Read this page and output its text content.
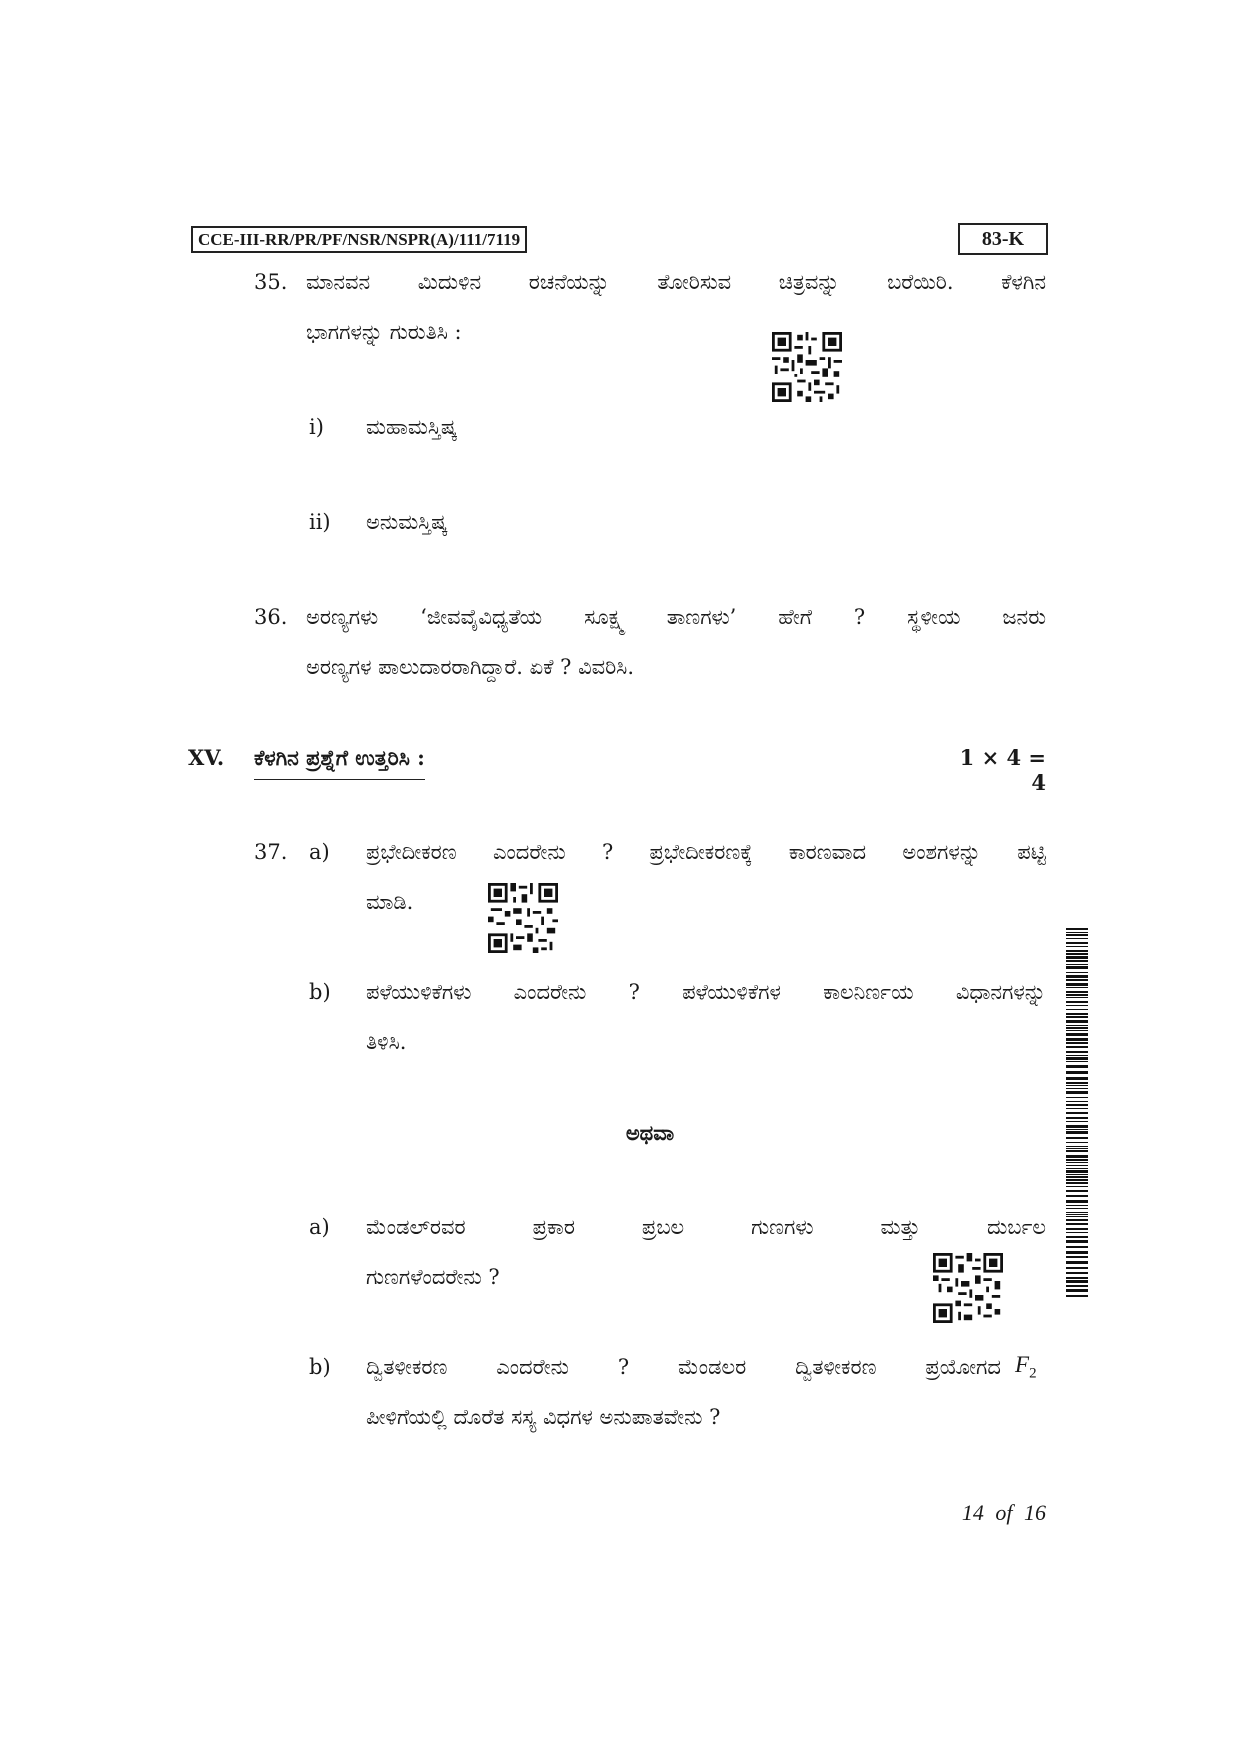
CCE-III-RR/PR/PF/NSR/NSPR(A)/111/7119	83-K
35. ಮಾನವನ ಮಿದುಳಿನ ರಚನೆಯನ್ನು ತೋರಿಸುವ ಚಿತ್ರವನ್ನು ಬರೆಯಿರಿ. ಕೆಳಗಿನ
ಭಾಗಗಳನ್ನು ಗುರುತಿಸಿ :
i) ಮಹಾಮಸ್ತಿಷ್ಕ
ii) ಅನುಮಸ್ತಿಷ್ಕ
36. ಅರಣ್ಯಗಳು ‘ಜೀವವೈವಿಧ್ಯತೆಯ ಸೂಕ್ಷ್ಮ ತಾಣಗಳು’ ಹೇಗೆ ? ಸ್ಥಳೀಯ ಜನರು
ಅರಣ್ಯಗಳ ಪಾಲುದಾರರಾಗಿದ್ದಾರೆ. ಏಕೆ ? ವಿವರಿಸಿ.
XV. ಕೆಳಗಿನ ಪ್ರಶ್ನೆಗೆ ಉತ್ತರಿಸಿ :	1 × 4 = 4
37. a) ಪ್ರಭೇದೀಕರಣ ಎಂದರೇನು ? ಪ್ರಭೇದೀಕರಣಕ್ಕೆ ಕಾರಣವಾದ ಅಂಶಗಳನ್ನು ಪಟ್ಟಿ
ಮಾಡಿ.
b) ಪಳೆಯುಳಿಕೆಗಳು ಎಂದರೇನು ? ಪಳೆಯುಳಿಕೆಗಳ ಕಾಲನಿರ್ಣಯ ವಿಧಾನಗಳನ್ನು
ತಿಳಿಸಿ.
ಅಥವಾ
a) ಮೆಂಡಲ್‌ರವರ ಪ್ರಕಾರ ಪ್ರಬಲ ಗುಣಗಳು ಮತ್ತು ದುರ್ಬಲ
ಗುಣಗಳೆಂದರೇನು ?
b) ದ್ವಿತಳೀಕರಣ ಎಂದರೇನು ? ಮೆಂಡಲರ ದ್ವಿತಳೀಕರಣ ಪ್ರಯೋಗದ $F_2$
ಪೀಳಿಗೆಯಲ್ಲಿ ದೊರೆತ ಸಸ್ಯ ವಿಧಗಳ ಅನುಪಾತವೇನು ?
14 of 16
